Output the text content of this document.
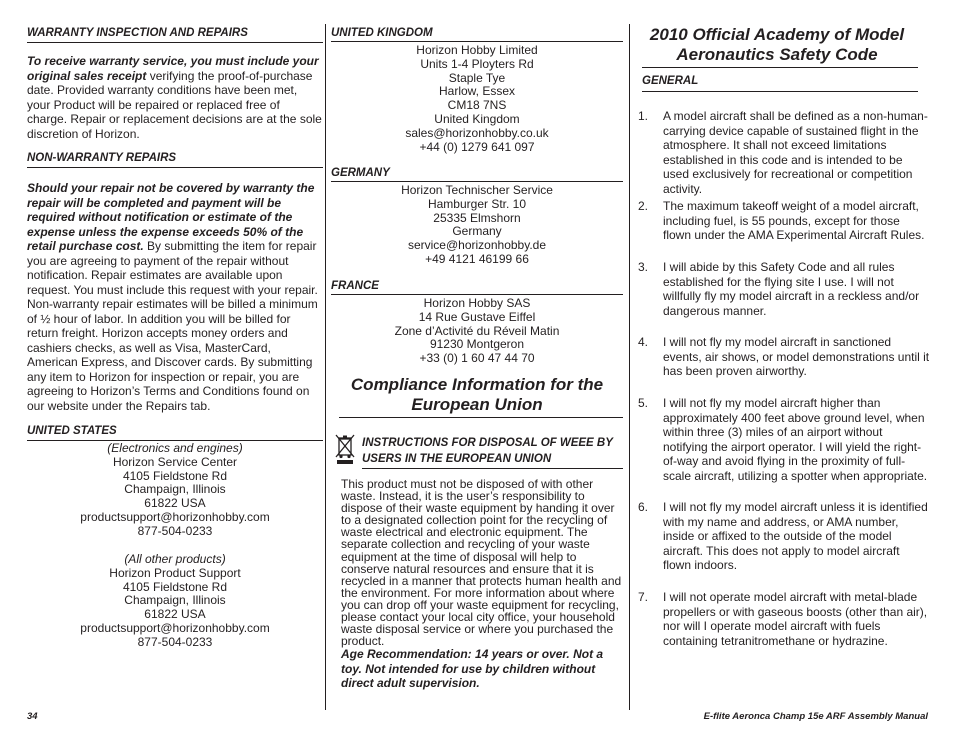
WARRANTY INSPECTION AND REPAIRS

To receive warranty service, you must include your original sales receipt verifying the proof-of-purchase date. Provided warranty conditions have been met, your Product will be repaired or replaced free of charge. Repair or replacement decisions are at the sole discretion of Horizon.

NON-WARRANTY REPAIRS

Should your repair not be covered by warranty the repair will be completed and payment will be required without notification or estimate of the expense unless the expense exceeds 50% of the retail purchase cost. By submitting the item for repair you are agreeing to payment of the repair without notification. Repair estimates are available upon request. You must include this request with your repair. Non-warranty repair estimates will be billed a minimum of ½ hour of labor. In addition you will be billed for return freight. Horizon accepts money orders and cashiers checks, as well as Visa, MasterCard, American Express, and Discover cards. By submitting any item to Horizon for inspection or repair, you are agreeing to Horizon’s Terms and Conditions found on our website under the Repairs tab.

UNITED STATES
(Electronics and engines)
Horizon Service Center
4105 Fieldstone Rd
Champaign, Illinois
61822 USA
productsupport@horizonhobby.com
877-504-0233
(All other products)
Horizon Product Support
4105 Fieldstone Rd
Champaign, Illinois
61822 USA
productsupport@horizonhobby.com
877-504-0233
UNITED KINGDOM
Horizon Hobby Limited
Units 1-4 Ployters Rd
Staple Tye
Harlow, Essex
CM18 7NS
United Kingdom
sales@horizonhobby.co.uk
+44 (0) 1279 641 097
GERMANY
Horizon Technischer Service
Hamburger Str. 10
25335 Elmshorn
Germany
service@horizonhobby.de
+49 4121 46199 66
FRANCE
Horizon Hobby SAS
14 Rue Gustave Eiffel
Zone d’Activité du Réveil Matin
91230 Montgeron
+33 (0) 1 60 47 44 70
Compliance Information for the
European Union
INSTRUCTIONS FOR DISPOSAL OF WEEE BY
USERS IN THE EUROPEAN UNION

This product must not be disposed of with other waste. Instead, it is the user’s responsibility to dispose of their waste equipment by handing it over to a designated collection point for the recycling of waste electrical and electronic equipment. The separate collection and recycling of your waste equipment at the time of disposal will help to conserve natural resources and ensure that it is recycled in a manner that protects human health and the environment. For more information about where you can drop off your waste equipment for recycling, please contact your local city office, your household waste disposal service or where you purchased the product.

Age Recommendation: 14 years or over. Not a toy. Not intended for use by children without direct adult supervision.

2010 Official Academy of Model
Aeronautics Safety Code
GENERAL
1. A model aircraft shall be defined as a non-human-carrying device capable of sustained flight in the atmosphere. It shall not exceed limitations established in this code and is intended to be used exclusively for recreational or competition activity.
2. The maximum takeoff weight of a model aircraft, including fuel, is 55 pounds, except for those flown under the AMA Experimental Aircraft Rules.
3. I will abide by this Safety Code and all rules established for the flying site I use. I will not willfully fly my model aircraft in a reckless and/or dangerous manner.
4. I will not fly my model aircraft in sanctioned events, air shows, or model demonstrations until it has been proven airworthy.
5. I will not fly my model aircraft higher than approximately 400 feet above ground level, when within three (3) miles of an airport without notifying the airport operator. I will yield the right-of-way and avoid flying in the proximity of full-scale aircraft, utilizing a spotter when appropriate.
6. I will not fly my model aircraft unless it is identified with my name and address, or AMA number, inside or affixed to the outside of the model aircraft. This does not apply to model aircraft flown indoors.
7. I will not operate model aircraft with metal-blade propellers or with gaseous boosts (other than air), nor will I operate model aircraft with fuels containing tetranitromethane or hydrazine.
34	E-flite Aeronca Champ 15e ARF Assembly Manual
